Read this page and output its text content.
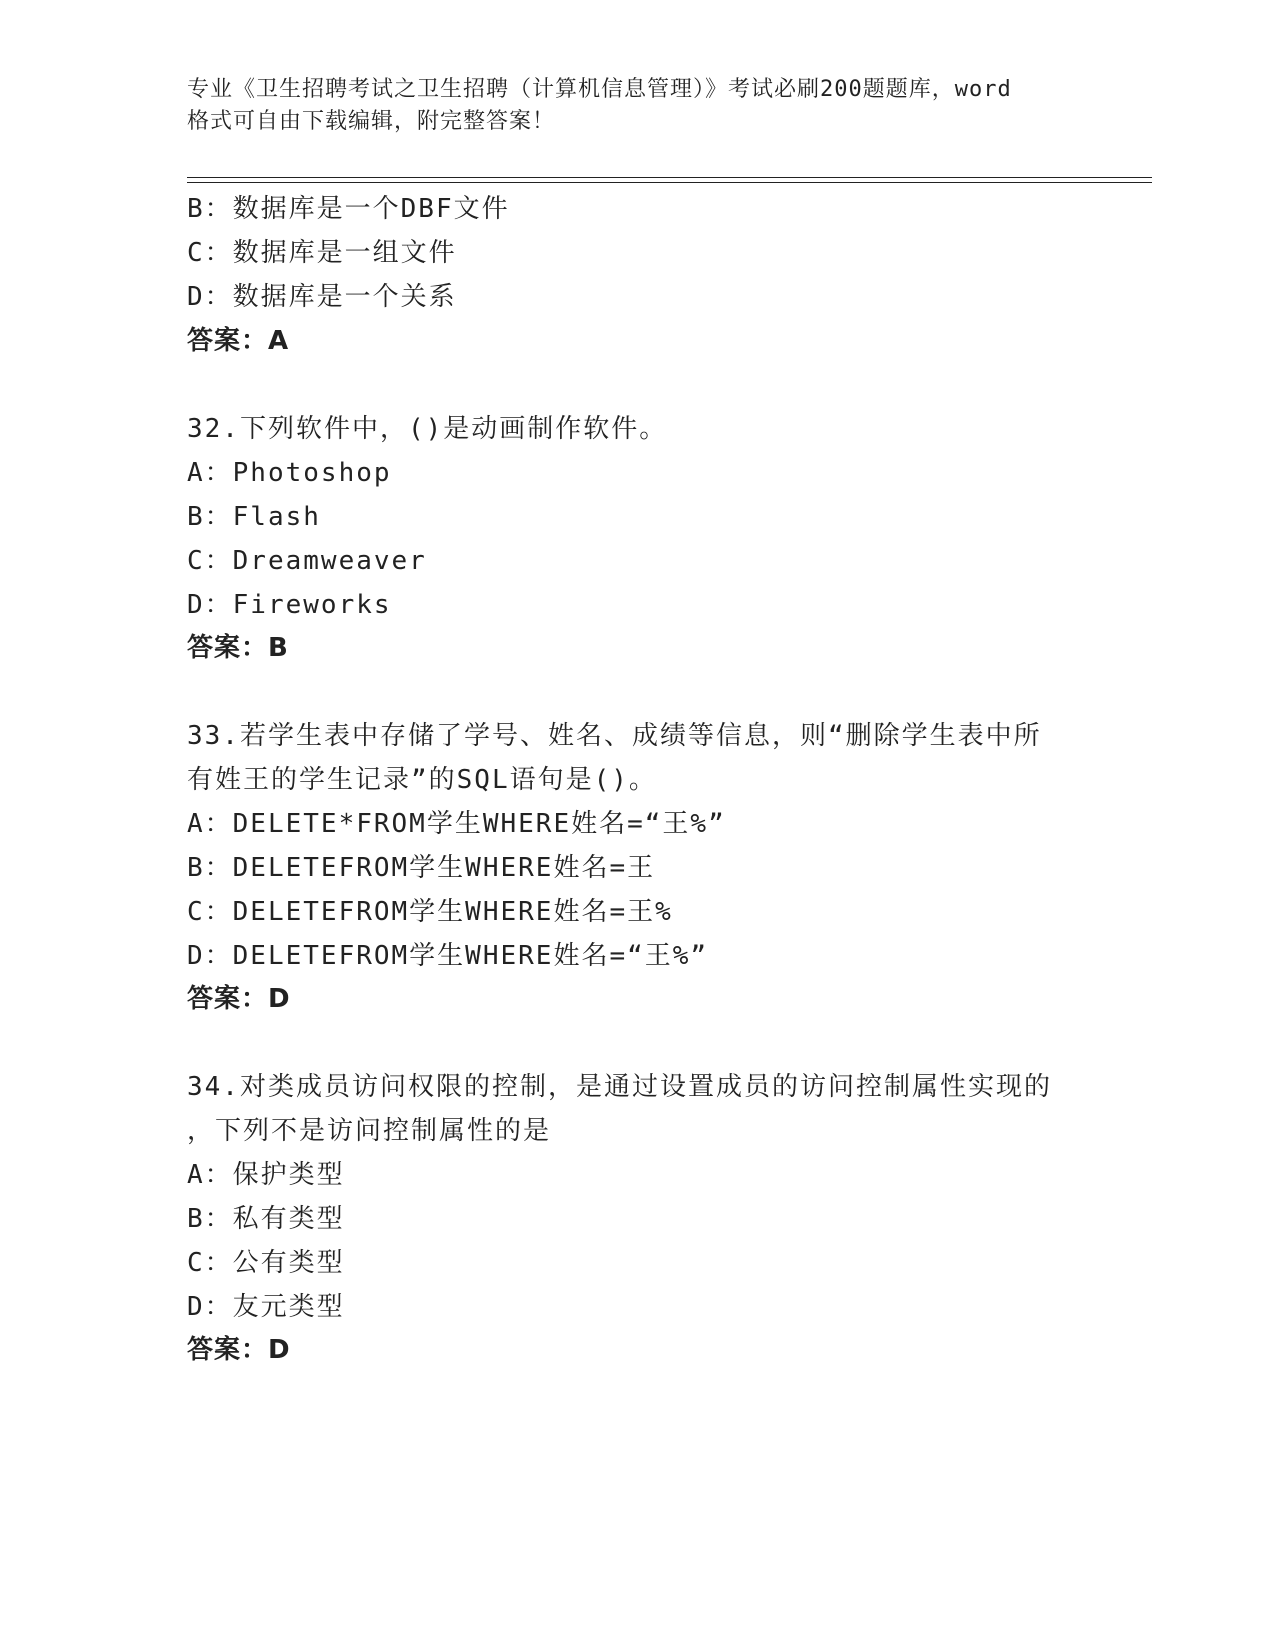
专业《卫生招聘考试之卫生招聘（计算机信息管理）》考试必刷200题题库，word
格式可自由下载编辑，附完整答案！
B：数据库是一个DBF文件
C：数据库是一组文件
D：数据库是一个关系
答案：A
32.下列软件中，()是动画制作软件。
A：Photoshop
B：Flash
C：Dreamweaver
D：Fireworks
答案：B
33.若学生表中存储了学号、姓名、成绩等信息，则“删除学生表中所
有姓王的学生记录”的SQL语句是()。
A：DELETE*FROM学生WHERE姓名=“王%”
B：DELETEFROM学生WHERE姓名=王
C：DELETEFROM学生WHERE姓名=王%
D：DELETEFROM学生WHERE姓名=“王%”
答案：D
34.对类成员访问权限的控制，是通过设置成员的访问控制属性实现的
，下列不是访问控制属性的是
A：保护类型
B：私有类型
C：公有类型
D：友元类型
答案：D
